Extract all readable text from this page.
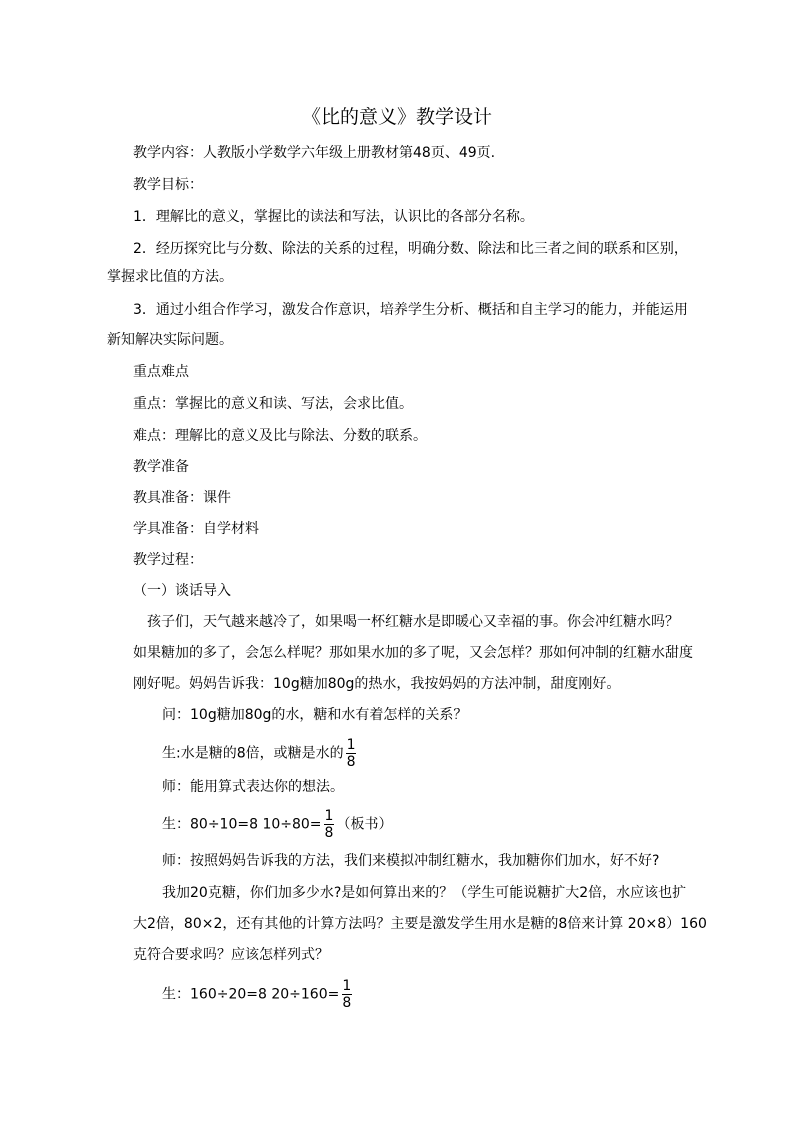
《比的意义》教学设计
教学内容：人教版小学数学六年级上册教材第48页、49页.
教学目标：
1．理解比的意义，掌握比的读法和写法，认识比的各部分名称。
2．经历探究比与分数、除法的关系的过程，明确分数、除法和比三者之间的联系和区别，
掌握求比值的方法。
3．通过小组合作学习，激发合作意识，培养学生分析、概括和自主学习的能力，并能运用
新知解决实际问题。
重点难点
重点：掌握比的意义和读、写法，会求比值。
难点：理解比的意义及比与除法、分数的联系。
教学准备
教具准备：课件
学具准备：自学材料
教学过程：
（一）谈话导入
孩子们，天气越来越冷了，如果喝一杯红糖水是即暖心又幸福的事。你会冲红糖水吗？
如果糖加的多了，会怎么样呢？那如果水加的多了呢，又会怎样？那如何冲制的红糖水甜度
刚好呢。妈妈告诉我：10g糖加80g的热水，我按妈妈的方法冲制，甜度刚好。
问：10g糖加80g的水，糖和水有着怎样的关系？
生:水是糖的8倍，或糖是水的 $\frac{1}{8}$
师：能用算式表达你的想法。
生：80÷10=8 $10\div 80= \frac{1}{8}$ （板书）
师：按照妈妈告诉我的方法，我们来模拟冲制红糖水，我加糖你们加水，好不好?
我加20克糖，你们加多少水?是如何算出来的？（学生可能说糖扩大2倍，水应该也扩
大2倍，80×2，还有其他的计算方法吗？主要是激发学生用水是糖的8倍来计算 20×8）160
克符合要求吗？应该怎样列式？
生：160÷20=8 $20\div 160= \frac{1}{8}$
